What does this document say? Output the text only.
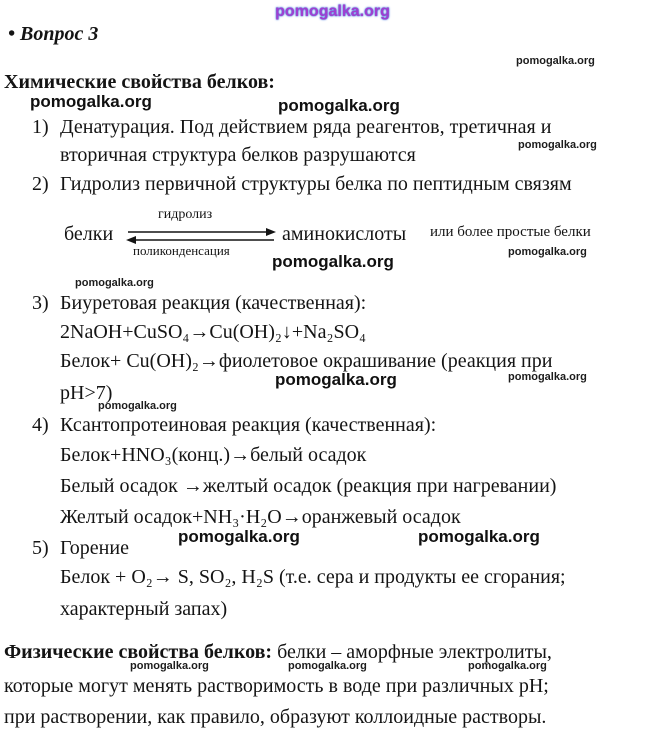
pomogalka.org
pomogalka.org
pomogalka.org	pomogalka.org
pomogalka.org
pomogalka.org
pomogalka.org
pomogalka.org
pomogalka.org	pomogalka.org
pomogalka.org
pomogalka.org	pomogalka.org
pomogalka.org	pomogalka.org	pomogalka.org
• Вопрос 3
Химические свойства белков:
1) Денатурация. Под действием ряда реагентов, третичная и
вторичная структура белков разрушаются
2) Гидролиз первичной структуры белка по пептидным связям
белки
гидролиз
поликонденсация
аминокислоты или более простые белки
3) Биуретовая реакция (качественная):
2NaOH+CuSO₄→Cu(OH)₂↓+Na₂SO₄
Белок+ Cu(OH)₂→фиолетовое окрашивание (реакция при
pH>7)
4) Ксантопротеиновая реакция (качественная):
Белок+HNO₃(конц.)→белый осадок
Белый осадок →желтый осадок (реакция при нагревании)
Желтый осадок+NH₃·H₂O→оранжевый осадок
5) Горение
Белок + O₂→ S, SO₂, H₂S (т.е. сера и продукты ее сгорания;
характерный запах)
Физические свойства белков: белки – аморфные электролиты,
которые могут менять растворимость в воде при различных pH;
при растворении, как правило, образуют коллоидные растворы.
